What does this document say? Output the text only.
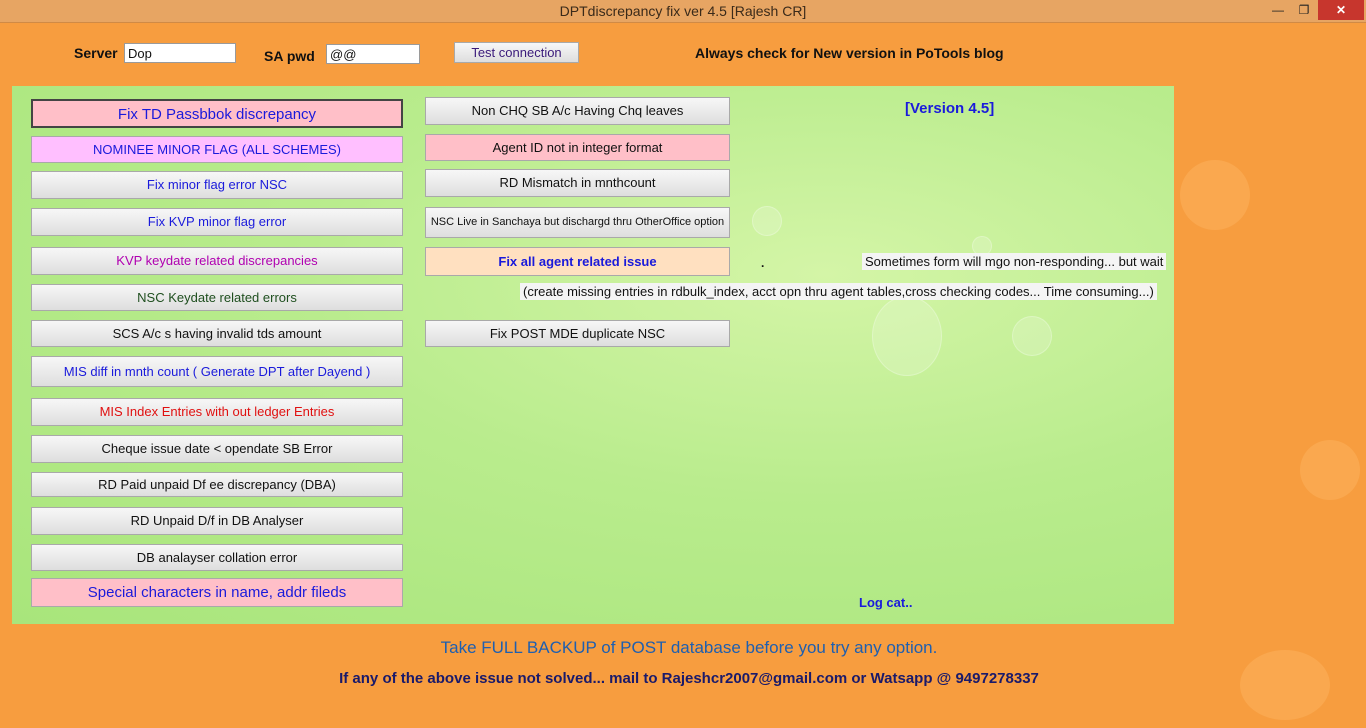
DPTdiscrepancy fix ver 4.5 [Rajesh CR]	—	❐	✕
Server Dop	SA pwd	@@	Test connection	Always check for New version in PoTools blog
Fix TD Passbbok discrepancy
NOMINEE MINOR FLAG (ALL SCHEMES)
Fix minor flag error NSC
Fix KVP minor flag error
KVP keydate related discrepancies
NSC Keydate related errors
SCS A/c s having invalid tds amount
MIS diff in mnth count ( Generate DPT after Dayend )
MIS Index Entries with out ledger Entries
Cheque issue date < opendate SB Error
RD Paid unpaid Df ee discrepancy (DBA)
RD Unpaid D/f in DB Analyser
DB analayser collation error
Special characters in name, addr fileds
Non CHQ SB A/c Having Chq leaves
Agent ID not in integer format
RD Mismatch in mnthcount
NSC Live in Sanchaya but dischargd thru OtherOffice option
Fix all agent related issue
Fix POST MDE duplicate NSC
[Version 4.5]
.	Sometimes form will mgo non-responding... but wait
(create missing entries in rdbulk_index, acct opn thru agent tables,cross checking codes... Time consuming...)
Log cat..
Take FULL BACKUP of POST database before you try any option.
If any of the above issue not solved... mail to Rajeshcr2007@gmail.com or Watsapp @ 9497278337
